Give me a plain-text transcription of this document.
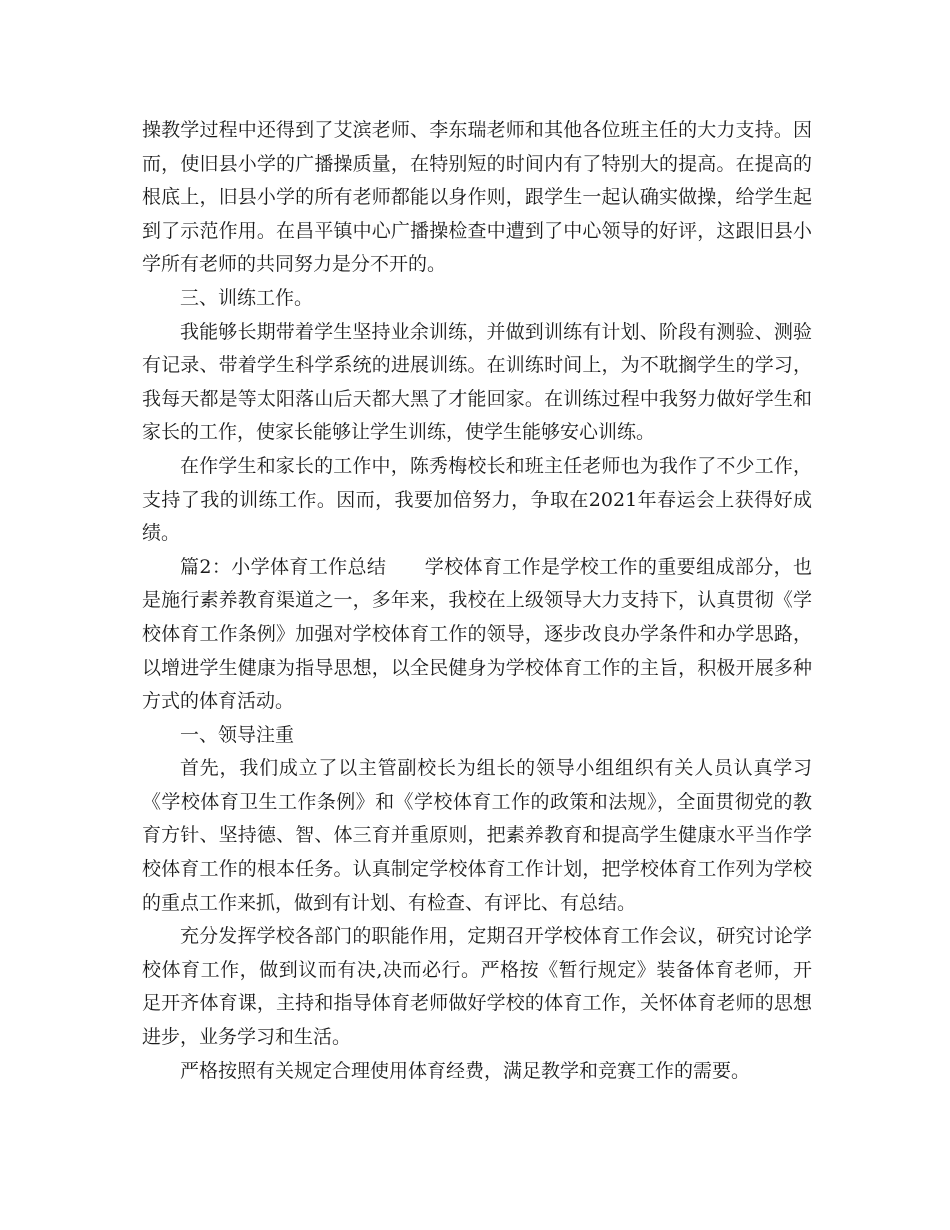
操教学过程中还得到了艾滨老师、李东瑞老师和其他各位班主任的大力支持。因而，使旧县小学的广播操质量，在特别短的时间内有了特别大的提高。在提高的根底上，旧县小学的所有老师都能以身作则，跟学生一起认确实做操，给学生起到了示范作用。在昌平镇中心广播操检查中遭到了中心领导的好评，这跟旧县小学所有老师的共同努力是分不开的。

三、训练工作。

我能够长期带着学生坚持业余训练，并做到训练有计划、阶段有测验、测验有记录、带着学生科学系统的进展训练。在训练时间上，为不耽搁学生的学习，我每天都是等太阳落山后天都大黑了才能回家。在训练过程中我努力做好学生和家长的工作，使家长能够让学生训练，使学生能够安心训练。

在作学生和家长的工作中，陈秀梅校长和班主任老师也为我作了不少工作，支持了我的训练工作。因而，我要加倍努力，争取在2021年春运会上获得好成绩。

篇2：小学体育工作总结 学校体育工作是学校工作的重要组成部分，也是施行素养教育渠道之一，多年来，我校在上级领导大力支持下，认真贯彻《学校体育工作条例》加强对学校体育工作的领导，逐步改良办学条件和办学思路，以增进学生健康为指导思想，以全民健身为学校体育工作的主旨，积极开展多种方式的体育活动。

一、领导注重

首先，我们成立了以主管副校长为组长的领导小组组织有关人员认真学习《学校体育卫生工作条例》和《学校体育工作的政策和法规》，全面贯彻党的教育方针、坚持德、智、体三育并重原则，把素养教育和提高学生健康水平当作学校体育工作的根本任务。认真制定学校体育工作计划，把学校体育工作列为学校的重点工作来抓，做到有计划、有检查、有评比、有总结。

充分发挥学校各部门的职能作用，定期召开学校体育工作会议，研究讨论学校体育工作，做到议而有决,决而必行。严格按《暂行规定》装备体育老师，开足开齐体育课，主持和指导体育老师做好学校的体育工作，关怀体育老师的思想进步，业务学习和生活。

严格按照有关规定合理使用体育经费，满足教学和竞赛工作的需要。
